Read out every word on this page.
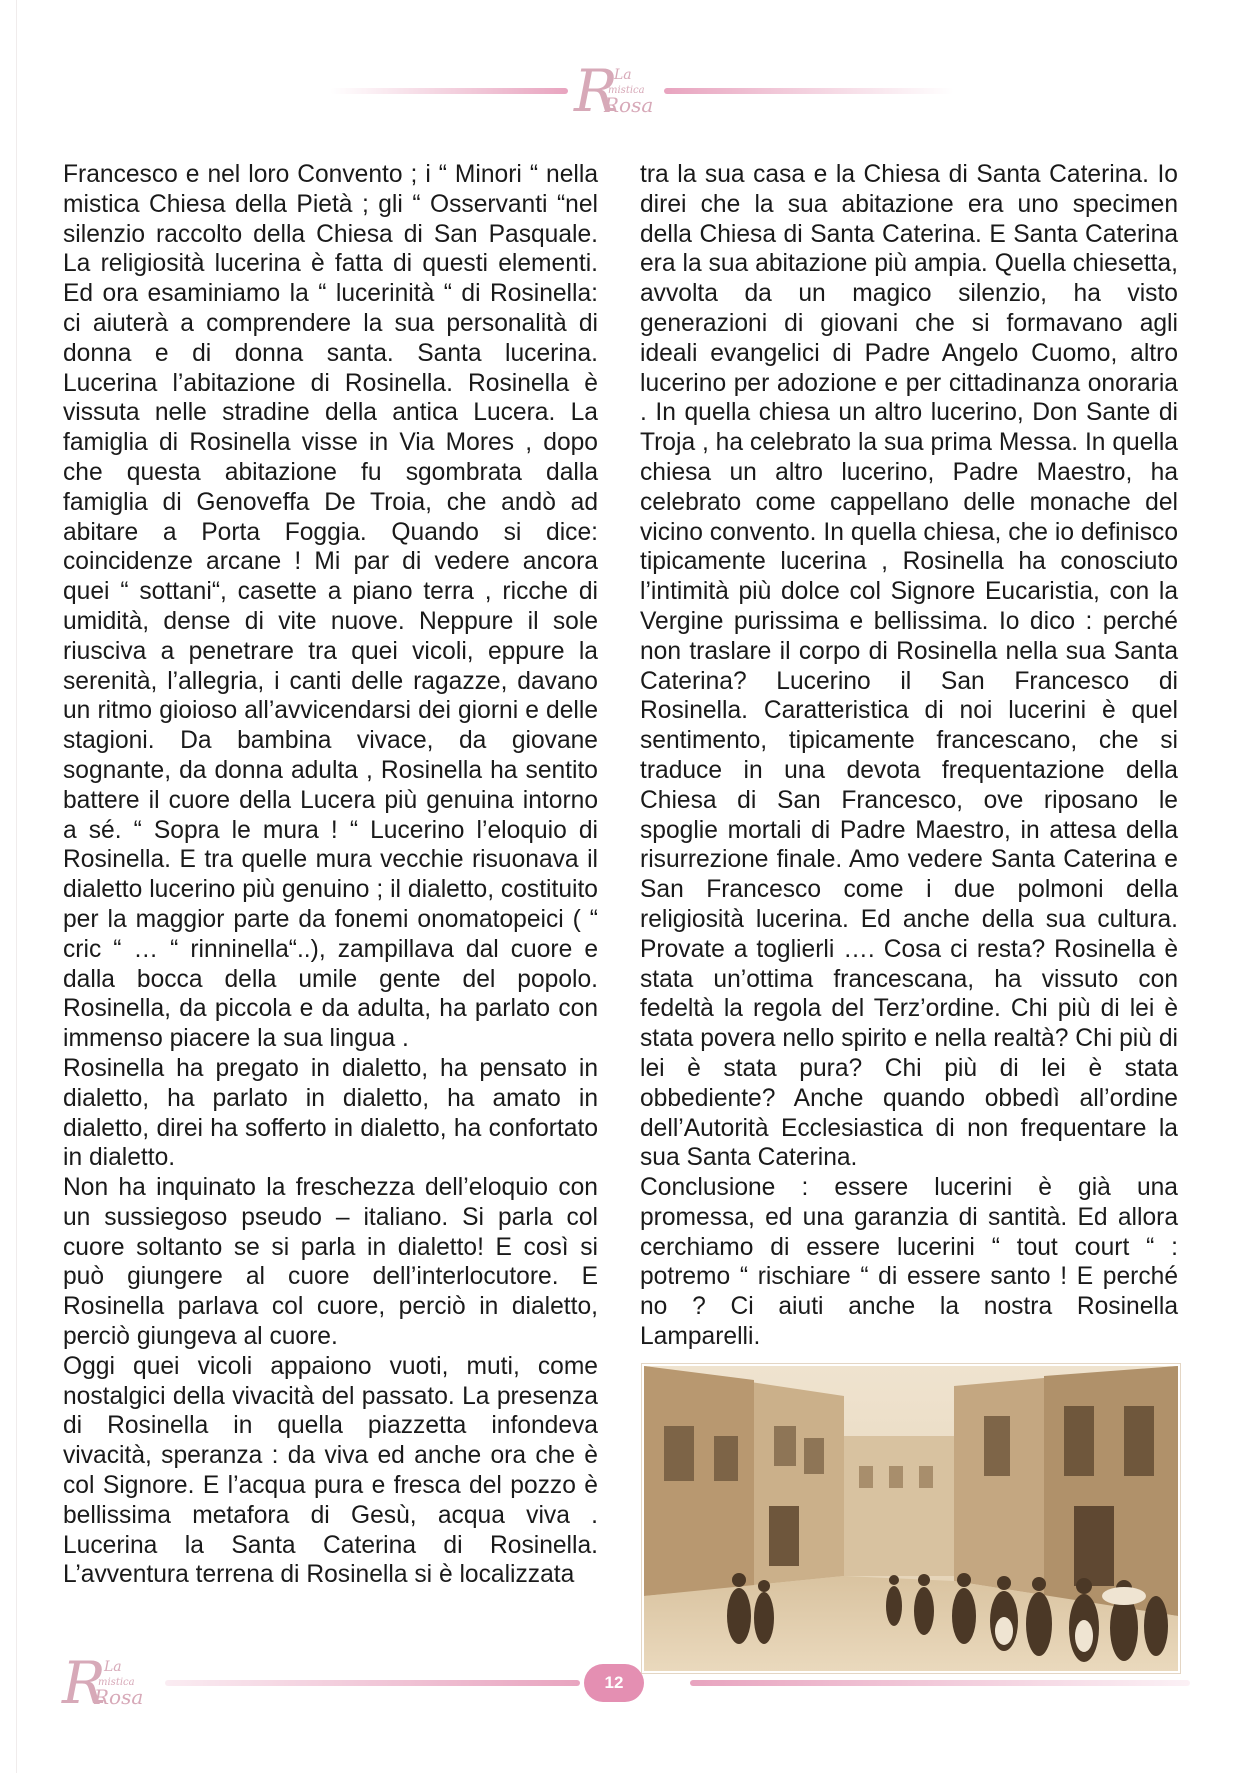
R
La
mistica
Rosa

Francesco e nel loro Convento ; i “ Minori “ nella mistica Chiesa della Pietà ; gli “ Osservanti “nel silenzio raccolto della Chiesa di San Pasquale. La religiosità lucerina è fatta di questi elementi. Ed ora esaminiamo la “ lucerinità “ di Rosinella: ci aiuterà a comprendere la sua personalità di donna e di donna santa. Santa lucerina. Lucerina l’abitazione di Rosinella. Rosinella è vissuta nelle stradine della antica Lucera. La famiglia di Rosinella visse in Via Mores , dopo che questa abitazione fu sgombrata dalla famiglia di Genoveffa De Troia, che andò ad abitare a Porta Foggia. Quando si dice: coincidenze arcane ! Mi par di vedere ancora quei “ sottani“, casette a piano terra , ricche di umidità, dense di vite nuove. Neppure il sole riusciva a penetrare tra quei vicoli, eppure la serenità, l’allegria, i canti delle ragazze, davano un ritmo gioioso all’avvicendarsi dei giorni e delle stagioni. Da bambina vivace, da giovane sognante, da donna adulta , Rosinella ha sentito battere il cuore della Lucera più genuina intorno a sé. “ Sopra le mura ! “ Lucerino l’eloquio di Rosinella. E tra quelle mura vecchie risuonava il dialetto lucerino più genuino ; il dialetto, costituito per la maggior parte da fonemi onomatopeici ( “ cric “ … “ rinninella“..), zampillava dal cuore e dalla bocca della umile gente del popolo. Rosinella, da piccola e da adulta, ha parlato con immenso piacere la sua lingua .

Rosinella ha pregato in dialetto, ha pensato in dialetto, ha parlato in dialetto, ha amato in dialetto, direi ha sofferto in dialetto, ha confortato in dialetto.

Non ha inquinato la freschezza dell’eloquio con un sussiegoso pseudo – italiano. Si parla col cuore soltanto se si parla in dialetto! E così si può giungere al cuore dell’interlocutore. E Rosinella parlava col cuore, perciò in dialetto, perciò giungeva al cuore.

Oggi quei vicoli appaiono vuoti, muti, come nostalgici della vivacità del passato. La presenza di Rosinella in quella piazzetta infondeva vivacità, speranza : da viva ed anche ora che è col Signore. E l’acqua pura e fresca del pozzo è bellissima metafora di Gesù, acqua viva . Lucerina la Santa Caterina di Rosinella. L’avventura terrena di Rosinella si è localizzata

tra la sua casa e la Chiesa di Santa Caterina. Io direi che la sua abitazione era uno specimen della Chiesa di Santa Caterina. E Santa Caterina era la sua abitazione più ampia. Quella chiesetta, avvolta da un magico silenzio, ha visto generazioni di giovani che si formavano agli ideali evangelici di Padre Angelo Cuomo, altro lucerino per adozione e per cittadinanza onoraria . In quella chiesa un altro lucerino, Don Sante di Troja , ha celebrato la sua prima Messa. In quella chiesa un altro lucerino, Padre Maestro, ha celebrato come cappellano delle monache del vicino convento. In quella chiesa, che io definisco tipicamente lucerina , Rosinella ha conosciuto l’intimità più dolce col Signore Eucaristia, con la Vergine purissima e bellissima. Io dico : perché non traslare il corpo di Rosinella nella sua Santa Caterina? Lucerino il San Francesco di Rosinella. Caratteristica di noi lucerini è quel sentimento, tipicamente francescano, che si traduce in una devota frequentazione della Chiesa di San Francesco, ove riposano le spoglie mortali di Padre Maestro, in attesa della risurrezione finale. Amo vedere Santa Caterina e San Francesco come i due polmoni della religiosità lucerina. Ed anche della sua cultura. Provate a toglierli …. Cosa ci resta? Rosinella è stata un’ottima francescana, ha vissuto con fedeltà la regola del Terz’ordine. Chi più di lei è stata povera nello spirito e nella realtà? Chi più di lei è stata pura? Chi più di lei è stata obbediente? Anche quando obbedì all’ordine dell’Autorità Ecclesiastica di non frequentare la sua Santa Caterina.

Conclusione : essere lucerini è già una promessa, ed una garanzia di santità. Ed allora cerchiamo di essere lucerini “ tout court “ : potremo “ rischiare “ di essere santo ! E perché no ? Ci aiuti anche la nostra Rosinella Lamparelli.

R
La
mistica
Rosa
12
